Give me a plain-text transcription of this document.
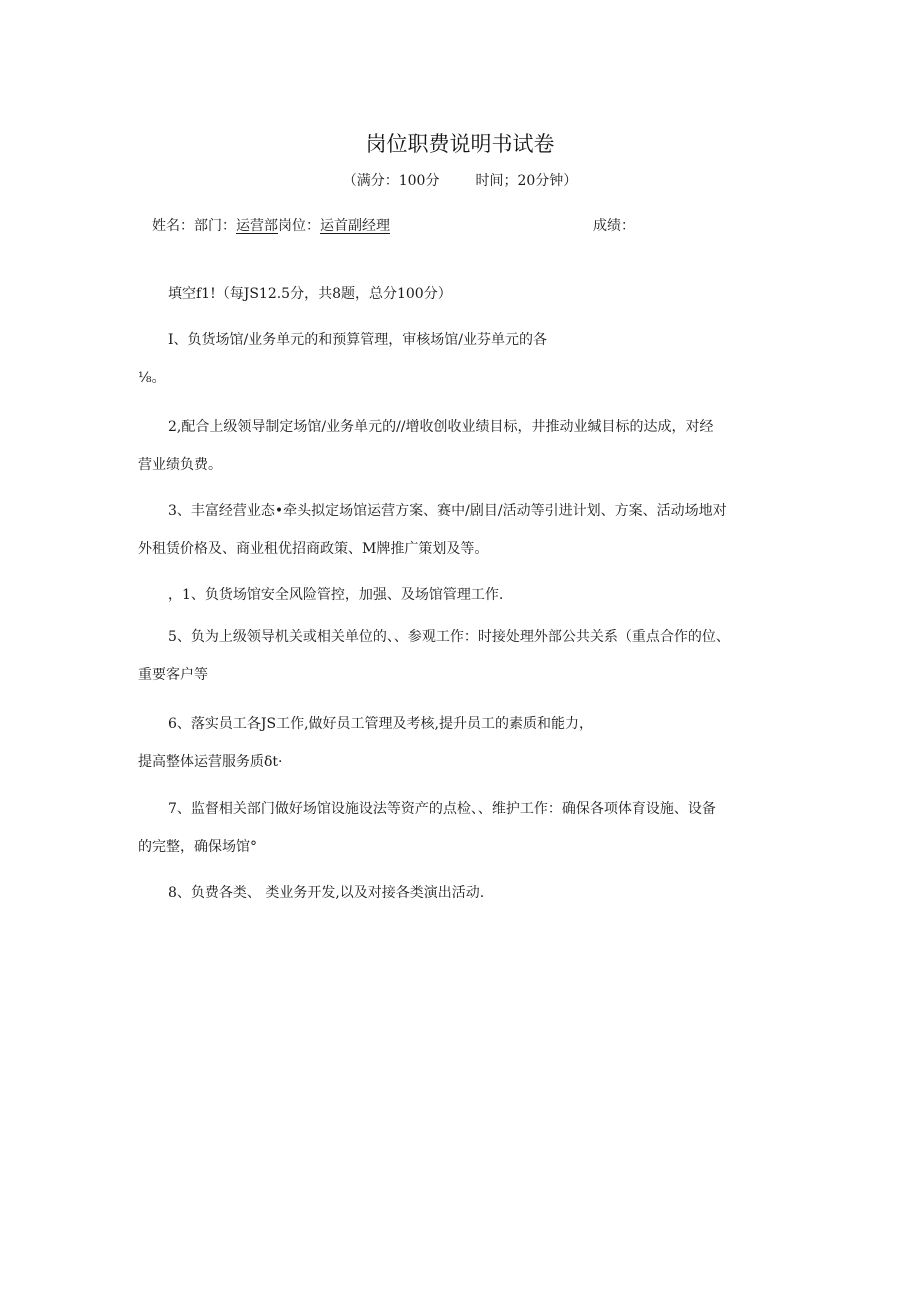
岗位职费说明书试卷
（满分：100分	时间；20分钟）
姓名：部门：运营部岗位：运首副经理	成绩：
填空f1!（每JS12.5分，共8题，总分100分）
I、负货场馆/业务单元的和预算管理，审核场馆/业芬单元的各
⅛。
2,配合上级领导制定场馆/业务单元的//增收创收业绩目标，井推动业缄目标的达成，对经
营业绩负费。
3、丰富经营业态•牵头拟定场馆运营方案、赛中/剧目/活动等引进计划、方案、活动场地对
外租赁价格及、商业租优招商政策、M牌推广策划及等。
，1、负货场馆安全风险管控，加强、及场馆管理工作.
5、负为上级领导机关或相关单位的、、参观工作：时接处理外部公共关系（重点合作的位、
重要客户等
6、落实员工各JS工作,做好员工管理及考核,提升员工的素质和能力，
提高整体运营服务质δt·
7、监督相关部门做好场馆设施设法等资产的点检、、维护工作：确保各项体育设施、设备
的完整，确保场馆°
8、负费各类、 类业务开发,以及对接各类演出活动.
